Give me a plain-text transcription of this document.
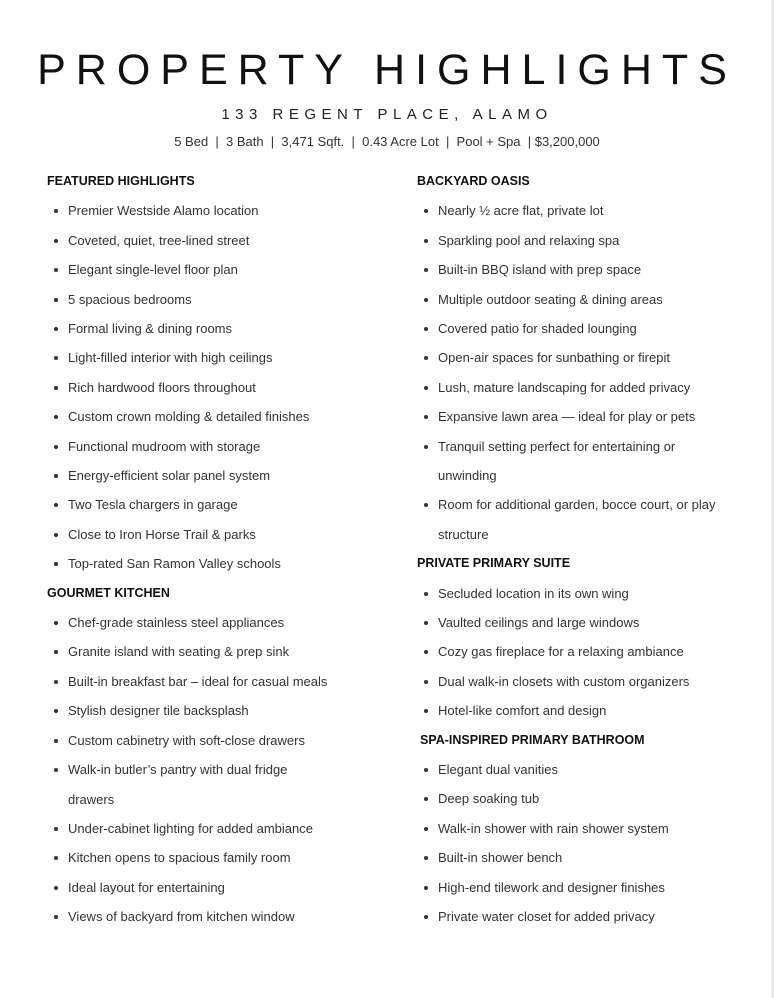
PROPERTY HIGHLIGHTS
133 REGENT PLACE, ALAMO
5 Bed  |  3 Bath  |  3,471 Sqft.  |  0.43 Acre Lot  |  Pool + Spa  | $3,200,000
FEATURED HIGHLIGHTS
Premier Westside Alamo location
Coveted, quiet, tree-lined street
Elegant single-level floor plan
5 spacious bedrooms
Formal living & dining rooms
Light-filled interior with high ceilings
Rich hardwood floors throughout
Custom crown molding & detailed finishes
Functional mudroom with storage
Energy-efficient solar panel system
Two Tesla chargers in garage
Close to Iron Horse Trail & parks
Top-rated San Ramon Valley schools
GOURMET KITCHEN
Chef-grade stainless steel appliances
Granite island with seating & prep sink
Built-in breakfast bar – ideal for casual meals
Stylish designer tile backsplash
Custom cabinetry with soft-close drawers
Walk-in butler’s pantry with dual fridge drawers
Under-cabinet lighting for added ambiance
Kitchen opens to spacious family room
Ideal layout for entertaining
Views of backyard from kitchen window
BACKYARD OASIS
Nearly ½ acre flat, private lot
Sparkling pool and relaxing spa
Built-in BBQ island with prep space
Multiple outdoor seating & dining areas
Covered patio for shaded lounging
Open-air spaces for sunbathing or firepit
Lush, mature landscaping for added privacy
Expansive lawn area — ideal for play or pets
Tranquil setting perfect for entertaining or unwinding
Room for additional garden, bocce court, or play structure
PRIVATE PRIMARY SUITE
Secluded location in its own wing
Vaulted ceilings and large windows
Cozy gas fireplace for a relaxing ambiance
Dual walk-in closets with custom organizers
Hotel-like comfort and design
SPA-INSPIRED PRIMARY BATHROOM
Elegant dual vanities
Deep soaking tub
Walk-in shower with rain shower system
Built-in shower bench
High-end tilework and designer finishes
Private water closet for added privacy
